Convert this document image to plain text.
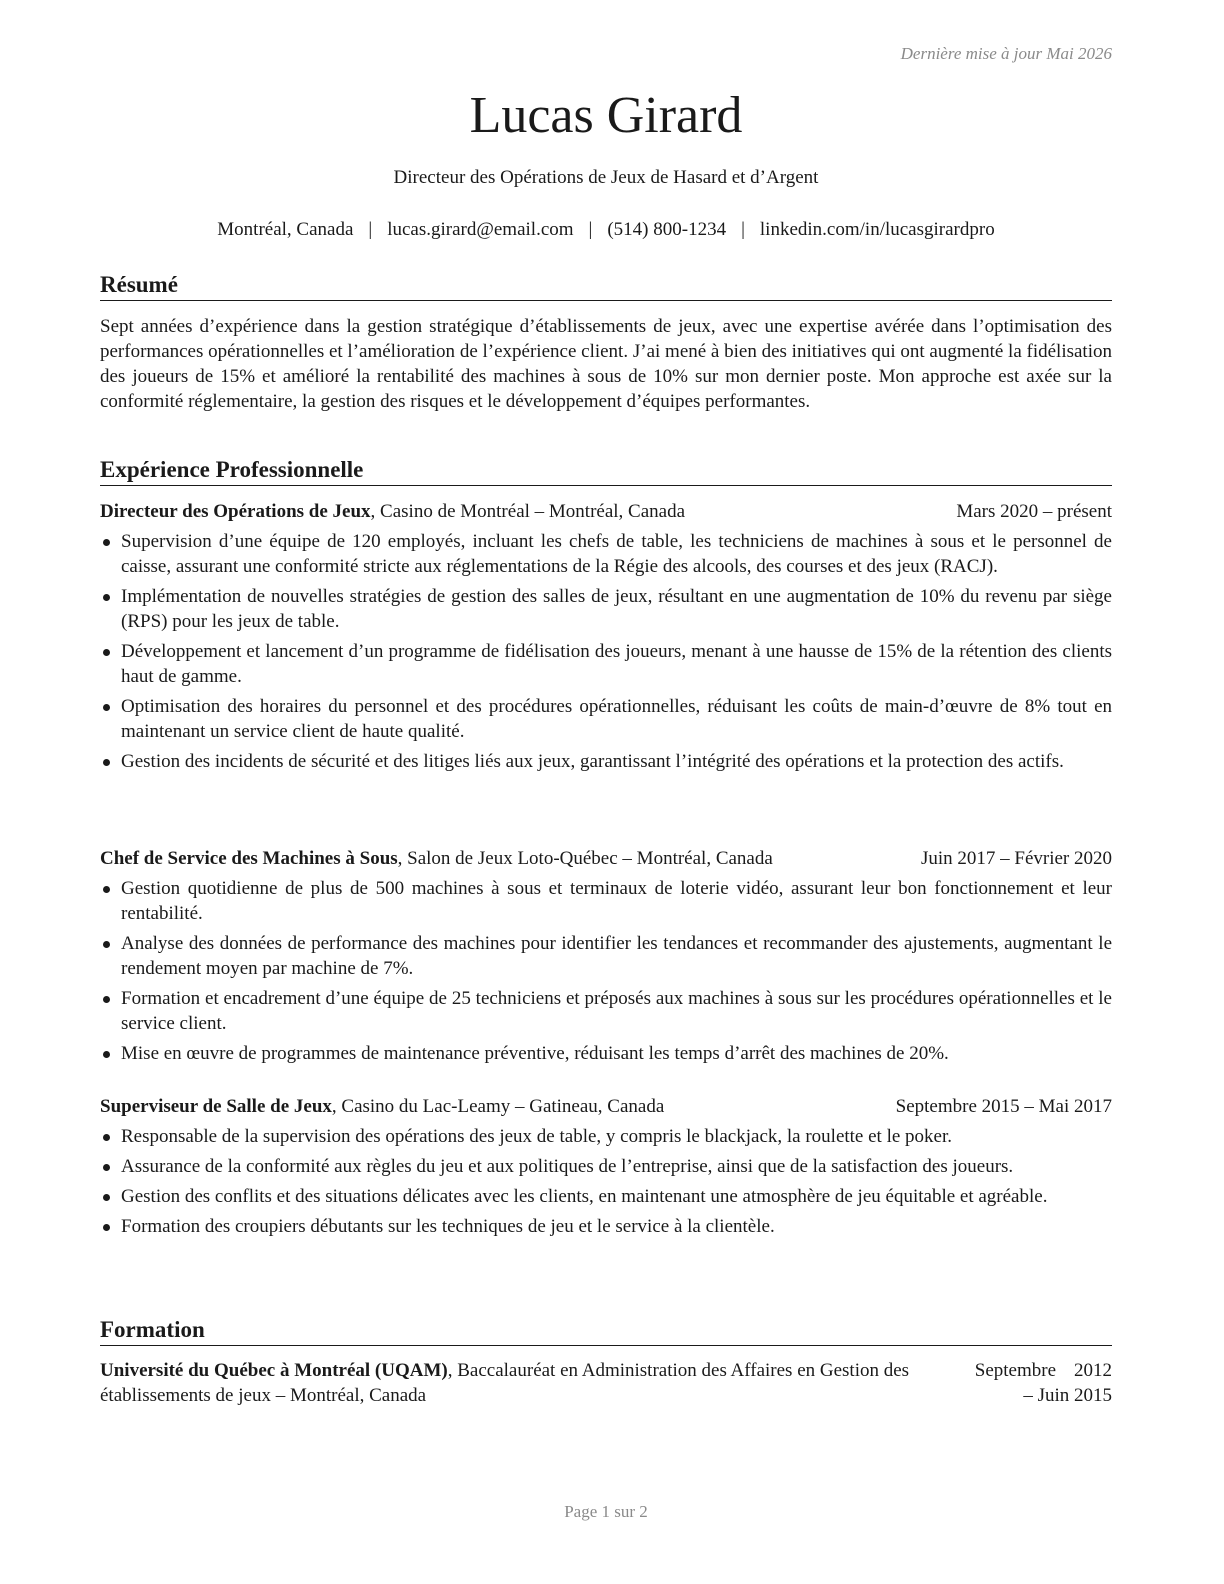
Dernière mise à jour Mai 2026
Lucas Girard
Directeur des Opérations de Jeux de Hasard et d’Argent
Montréal, Canada | lucas.girard@email.com | (514) 800-1234 | linkedin.com/in/lucasgirardpro
Résumé

Sept années d’expérience dans la gestion stratégique d’établissements de jeux, avec une expertise avérée dans l’optimisation des performances opérationnelles et l’amélioration de l’expérience client. J’ai mené à bien des initiatives qui ont augmenté la fidélisation des joueurs de 15% et amélioré la rentabilité des machines à sous de 10% sur mon dernier poste. Mon approche est axée sur la conformité réglementaire, la gestion des risques et le développement d’équipes performantes.

Expérience Professionnelle
Directeur des Opérations de Jeux, Casino de Montréal – Montréal, Canada	Mars 2020 – présent
Supervision d’une équipe de 120 employés, incluant les chefs de table, les techniciens de machines à sous et le personnel de caisse, assurant une conformité stricte aux réglementations de la Régie des alcools, des courses et des jeux (RACJ).
Implémentation de nouvelles stratégies de gestion des salles de jeux, résultant en une augmentation de 10% du revenu par siège (RPS) pour les jeux de table.
Développement et lancement d’un programme de fidélisation des joueurs, menant à une hausse de 15% de la rétention des clients haut de gamme.
Optimisation des horaires du personnel et des procédures opérationnelles, réduisant les coûts de main-d’œuvre de 8% tout en maintenant un service client de haute qualité.
Gestion des incidents de sécurité et des litiges liés aux jeux, garantissant l’intégrité des opérations et la protection des actifs.
Chef de Service des Machines à Sous, Salon de Jeux Loto-Québec – Montréal, Canada	Juin 2017 – Février 2020
Gestion quotidienne de plus de 500 machines à sous et terminaux de loterie vidéo, assurant leur bon fonctionnement et leur rentabilité.
Analyse des données de performance des machines pour identifier les tendances et recommander des ajustements, augmentant le rendement moyen par machine de 7%.
Formation et encadrement d’une équipe de 25 techniciens et préposés aux machines à sous sur les procédures opérationnelles et le service client.
Mise en œuvre de programmes de maintenance préventive, réduisant les temps d’arrêt des machines de 20%.
Superviseur de Salle de Jeux, Casino du Lac-Leamy – Gatineau, Canada	Septembre 2015 – Mai 2017
Responsable de la supervision des opérations des jeux de table, y compris le blackjack, la roulette et le poker.
Assurance de la conformité aux règles du jeu et aux politiques de l’entreprise, ainsi que de la satisfaction des joueurs.
Gestion des conflits et des situations délicates avec les clients, en maintenant une atmosphère de jeu équitable et agréable.
Formation des croupiers débutants sur les techniques de jeu et le service à la clientèle.
Formation
Université du Québec à Montréal (UQAM), Baccalauréat en Administration des Affaires en Gestion des établissements de jeux – Montréal, Canada
Septembre 2012 – Juin 2015
Page 1 sur 2
